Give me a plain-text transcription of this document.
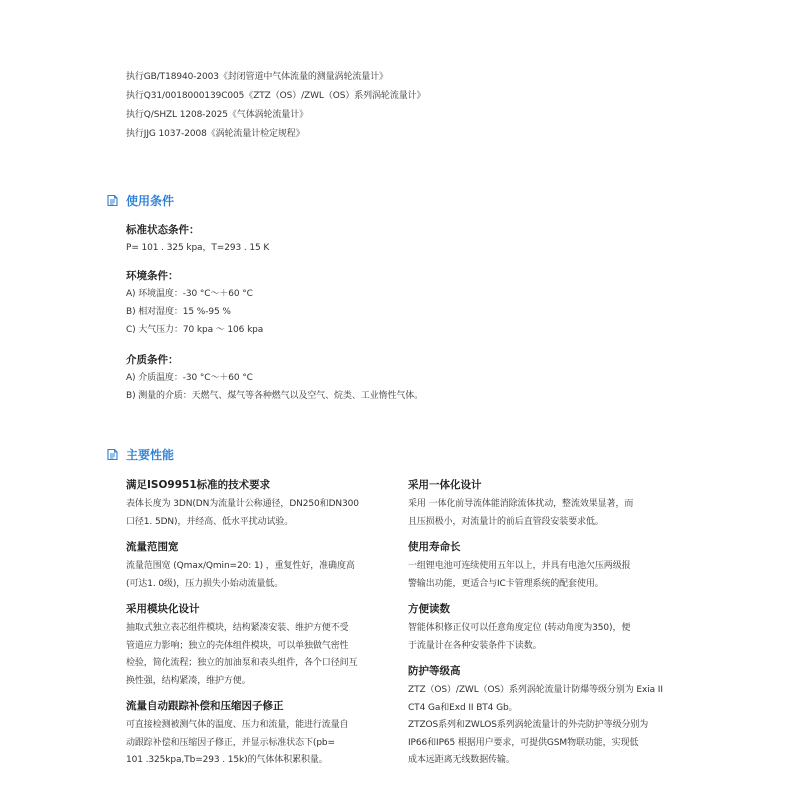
执行GB/T18940-2003《封闭管道中气体流量的测量涡轮流量计》
执行Q31/0018000139C005《ZTZ（OS）/ZWL（OS）系列涡轮流量计》
执行Q/SHZL 1208-2025《气体涡轮流量计》
执行JJG 1037-2008《涡轮流量计检定规程》
使用条件
标准状态条件：
P= 101 . 325 kpa，T=293 . 15 K
环境条件：
A) 环境温度：-30 °C～＋60 °C
B) 相对湿度：15 %-95 %
C) 大气压力：70 kpa ～ 106 kpa
介质条件：
A) 介质温度：-30 °C～＋60 °C
B) 测量的介质：天燃气、煤气等各种燃气以及空气、烷类、工业惰性气体。
主要性能
满足ISO9951标准的技术要求
表体长度为 3DN(DN为流量计公称通径，DN250和DN300
口径1. 5DN)，并经高、低水平扰动试验。
流量范围宽
流量范围宽 (Qmax/Qmin=20: 1) ，重复性好，准确度高
(可达1. 0级)，压力损失小始动流量低。
采用模块化设计
抽取式独立表芯组件模块，结构紧凑安装、维护方便不受
管道应力影响；独立的壳体组件模块，可以单独做气密性
检验，简化流程；独立的加油泵和表头组件，各个口径间互
换性强，结构紧凑，维护方便。
流量自动跟踪补偿和压缩因子修正
可直接检测被测气体的温度、压力和流量，能进行流量自
动跟踪补偿和压缩因子修正，并显示标准状态下(pb=
101 .325kpa,Tb=293 . 15k)的气体体积累积量。
采用一体化设计
采用 一体化前导流体能消除流体扰动，整流效果显著，而
且压损极小，对流量计的前后直管段安装要求低。
使用寿命长
一组锂电池可连续使用五年以上，并具有电池欠压两级报
警输出功能，更适合与IC卡管理系统的配套使用。
方便读数
智能体积修正仪可以任意角度定位 (转动角度为350)，便
于流量计在各种安装条件下读数。
防护等级高
ZTZ（OS）/ZWL（OS）系列涡轮流量计防爆等级分别为 Exia II
CT4 Ga和Exd II BT4 Gb。
ZTZOS系列和ZWLOS系列涡轮流量计的外壳防护等级分别为
IP66和IP65 根据用户要求，可提供GSM物联功能，实现低
成本远距离无线数据传输。
